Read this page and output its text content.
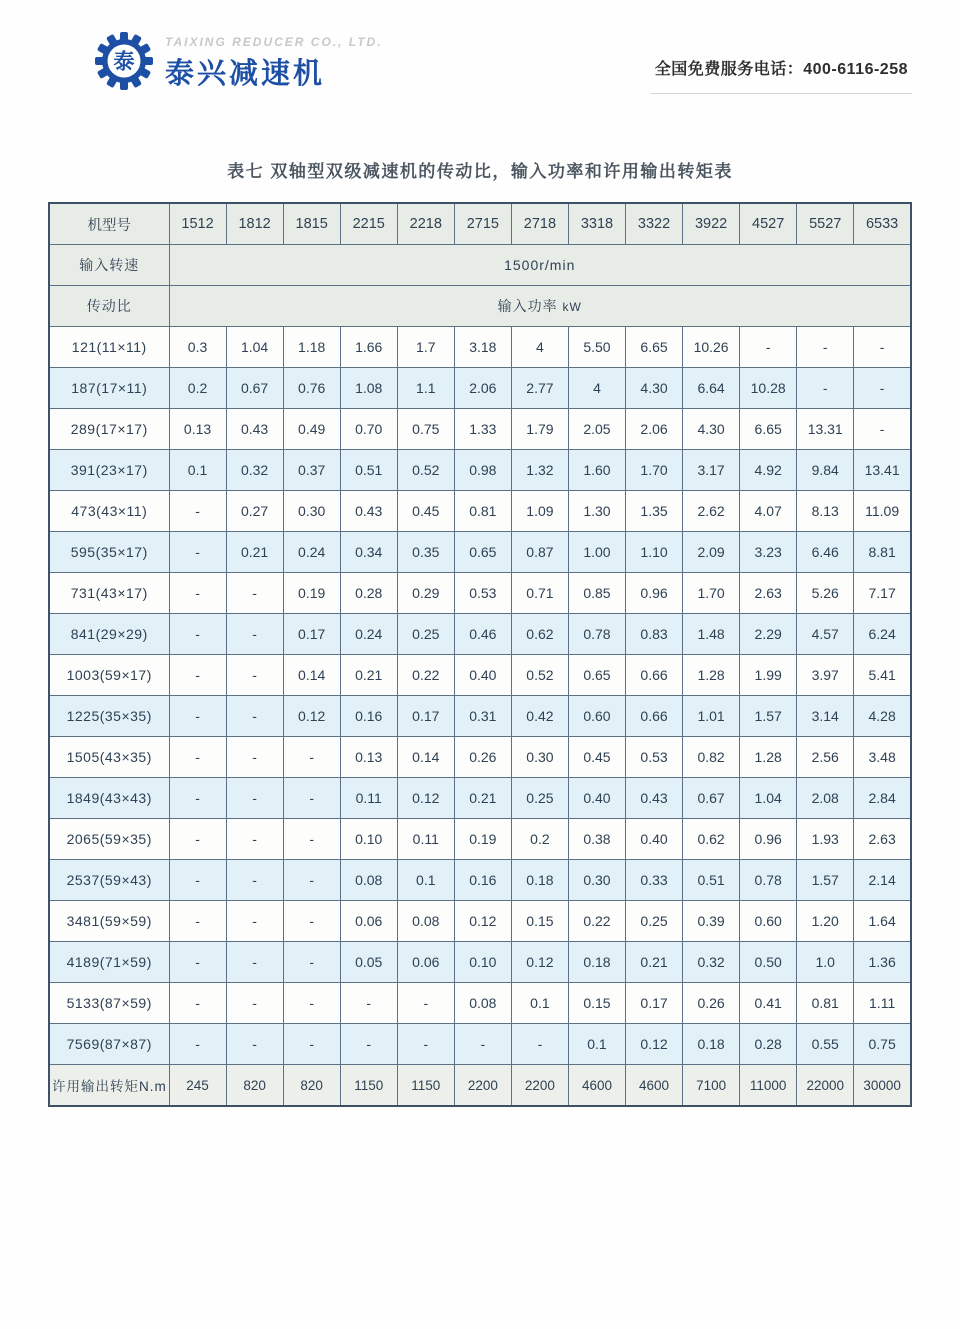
泰
TAIXING REDUCER CO., LTD.
泰兴减速机	全国免费服务电话：400-6116-258
表七 双轴型双级减速机的传动比，输入功率和许用输出转矩表
机型号	1512	1812	1815	2215	2218	2715	2718	3318	3322	3922	4527	5527	6533
输入转速	1500r/min												
传动比	输入功率 kW												
121(11×11)	0.3	1.04	1.18	1.66	1.7	3.18	4	5.50	6.65	10.26	-	-	-
187(17×11)	0.2	0.67	0.76	1.08	1.1	2.06	2.77	4	4.30	6.64	10.28	-	-
289(17×17)	0.13	0.43	0.49	0.70	0.75	1.33	1.79	2.05	2.06	4.30	6.65	13.31	-
391(23×17)	0.1	0.32	0.37	0.51	0.52	0.98	1.32	1.60	1.70	3.17	4.92	9.84	13.41
473(43×11)	-	0.27	0.30	0.43	0.45	0.81	1.09	1.30	1.35	2.62	4.07	8.13	11.09
595(35×17)	-	0.21	0.24	0.34	0.35	0.65	0.87	1.00	1.10	2.09	3.23	6.46	8.81
731(43×17)	-	-	0.19	0.28	0.29	0.53	0.71	0.85	0.96	1.70	2.63	5.26	7.17
841(29×29)	-	-	0.17	0.24	0.25	0.46	0.62	0.78	0.83	1.48	2.29	4.57	6.24
1003(59×17)	-	-	0.14	0.21	0.22	0.40	0.52	0.65	0.66	1.28	1.99	3.97	5.41
1225(35×35)	-	-	0.12	0.16	0.17	0.31	0.42	0.60	0.66	1.01	1.57	3.14	4.28
1505(43×35)	-	-	-	0.13	0.14	0.26	0.30	0.45	0.53	0.82	1.28	2.56	3.48
1849(43×43)	-	-	-	0.11	0.12	0.21	0.25	0.40	0.43	0.67	1.04	2.08	2.84
2065(59×35)	-	-	-	0.10	0.11	0.19	0.2	0.38	0.40	0.62	0.96	1.93	2.63
2537(59×43)	-	-	-	0.08	0.1	0.16	0.18	0.30	0.33	0.51	0.78	1.57	2.14
3481(59×59)	-	-	-	0.06	0.08	0.12	0.15	0.22	0.25	0.39	0.60	1.20	1.64
4189(71×59)	-	-	-	0.05	0.06	0.10	0.12	0.18	0.21	0.32	0.50	1.0	1.36
5133(87×59)	-	-	-	-	-	0.08	0.1	0.15	0.17	0.26	0.41	0.81	1.11
7569(87×87)	-	-	-	-	-	-	-	0.1	0.12	0.18	0.28	0.55	0.75
许用输出转矩N.m	245	820	820	1150	1150	2200	2200	4600	4600	7100	11000	22000	30000
